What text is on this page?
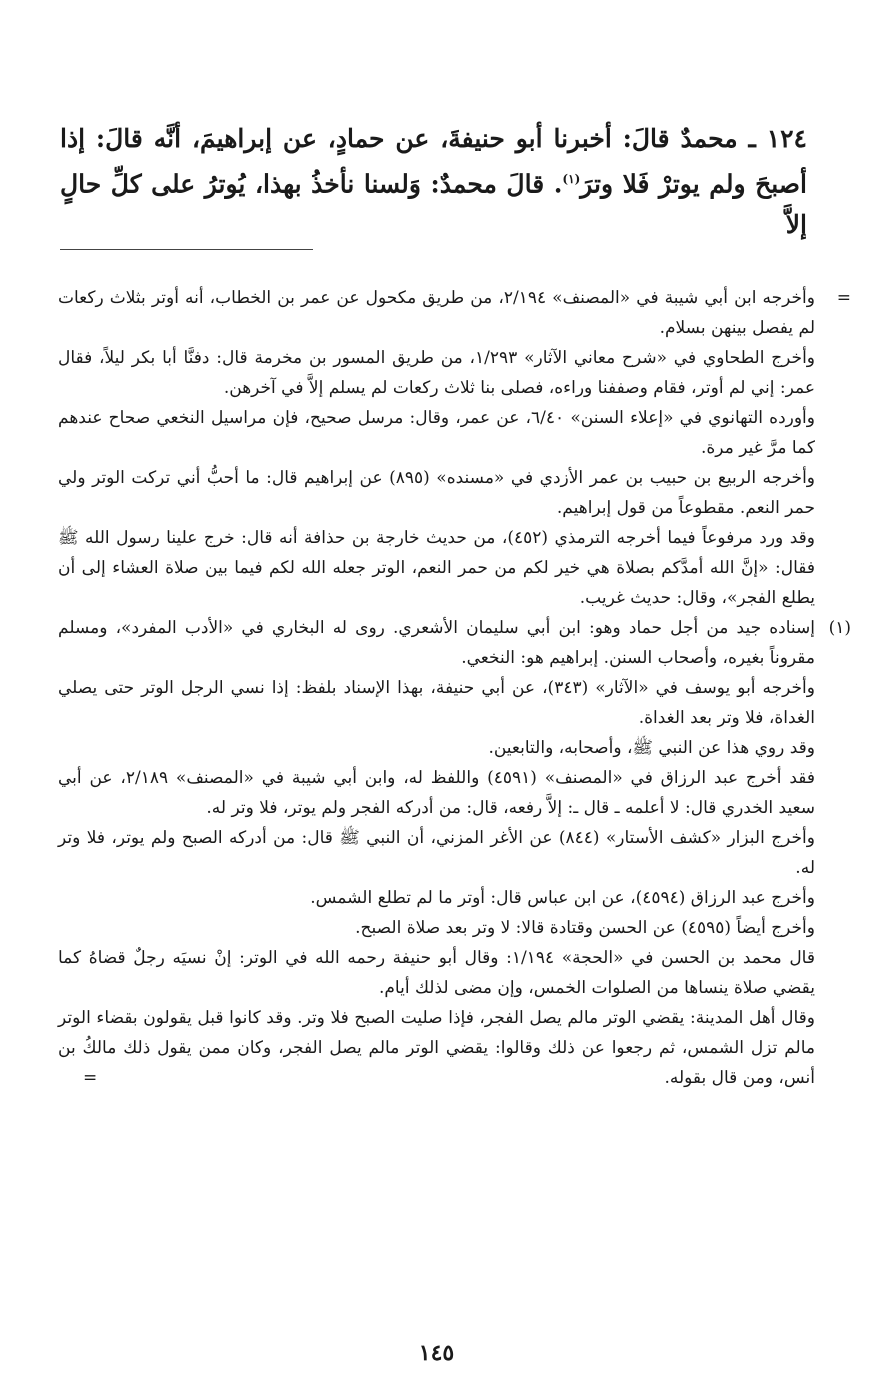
١٢٤ ـ محمدٌ قالَ: أخبرنا أبو حنيفةَ، عن حمادٍ، عن إبراهيمَ، أنَّه قالَ: إذا

أصبحَ ولم يوترْ فَلا وترَ$^{(١)}$. قالَ محمدٌ: وَلسنا نأخذُ بهذا، يُوترُ على كلِّ حالٍ إلاَّ

=
وأخرجه ابن أبي شيبة في «المصنف» ٢/١٩٤، من طريق مكحول عن عمر بن الخطاب، أنه أوتر بثلاث ركعات لم يفصل بينهن بسلام.

وأخرج الطحاوي في «شرح معاني الآثار» ١/٢٩٣، من طريق المسور بن مخرمة قال: دفنَّا أبا بكر ليلاً، فقال عمر: إني لم أوتر، فقام وصففنا وراءه، فصلى بنا ثلاث ركعات لم يسلم إلاَّ في آخرهن.

وأورده التهانوي في «إعلاء السنن» ٦/٤٠، عن عمر، وقال: مرسل صحيح، فإن مراسيل النخعي صحاح عندهم كما مرَّ غير مرة.

وأخرجه الربيع بن حبيب بن عمر الأزدي في «مسنده» (٨٩٥) عن إبراهيم قال: ما أحبُّ أني تركت الوتر ولي حمر النعم. مقطوعاً من قول إبراهيم.

وقد ورد مرفوعاً فيما أخرجه الترمذي (٤٥٢)، من حديث خارجة بن حذافة أنه قال: خرج علينا رسول الله ﷺ فقال: «إنَّ الله أمدَّكم بصلاة هي خير لكم من حمر النعم، الوتر جعله الله لكم فيما بين صلاة العشاء إلى أن يطلع الفجر»، وقال: حديث غريب.

(١)
إسناده جيد من أجل حماد وهو: ابن أبي سليمان الأشعري. روى له البخاري في «الأدب المفرد»، ومسلم مقروناً بغيره، وأصحاب السنن. إبراهيم هو: النخعي.

وأخرجه أبو يوسف في «الآثار» (٣٤٣)، عن أبي حنيفة، بهذا الإسناد بلفظ: إذا نسي الرجل الوتر حتى يصلي الغداة، فلا وتر بعد الغداة.

وقد روي هذا عن النبي ﷺ، وأصحابه، والتابعين.

فقد أخرج عبد الرزاق في «المصنف» (٤٥٩١) واللفظ له، وابن أبي شيبة في «المصنف» ٢/١٨٩، عن أبي سعيد الخدري قال: لا أعلمه ـ قال ـ: إلاَّ رفعه، قال: من أدركه الفجر ولم يوتر، فلا وتر له.

وأخرج البزار «كشف الأستار» (٨٤٤) عن الأغر المزني، أن النبي ﷺ قال: من أدركه الصبح ولم يوتر، فلا وتر له.

وأخرج عبد الرزاق (٤٥٩٤)، عن ابن عباس قال: أوتر ما لم تطلع الشمس.

وأخرج أيضاً (٤٥٩٥) عن الحسن وقتادة قالا: لا وتر بعد صلاة الصبح.

قال محمد بن الحسن في «الحجة» ١/١٩٤: وقال أبو حنيفة رحمه الله في الوتر: إنْ نسيَه رجلٌ قضاهُ كما يقضي صلاة ينساها من الصلوات الخمس، وإن مضى لذلك أيام.

وقال أهل المدينة: يقضي الوتر مالم يصل الفجر، فإذا صليت الصبح فلا وتر. وقد كانوا قبل يقولون بقضاء الوتر مالم تزل الشمس، ثم رجعوا عن ذلك وقالوا: يقضي الوتر مالم يصل الفجر، وكان ممن يقول ذلك مالكُ بن أنس، ومن قال بقوله.
=

١٤٥
